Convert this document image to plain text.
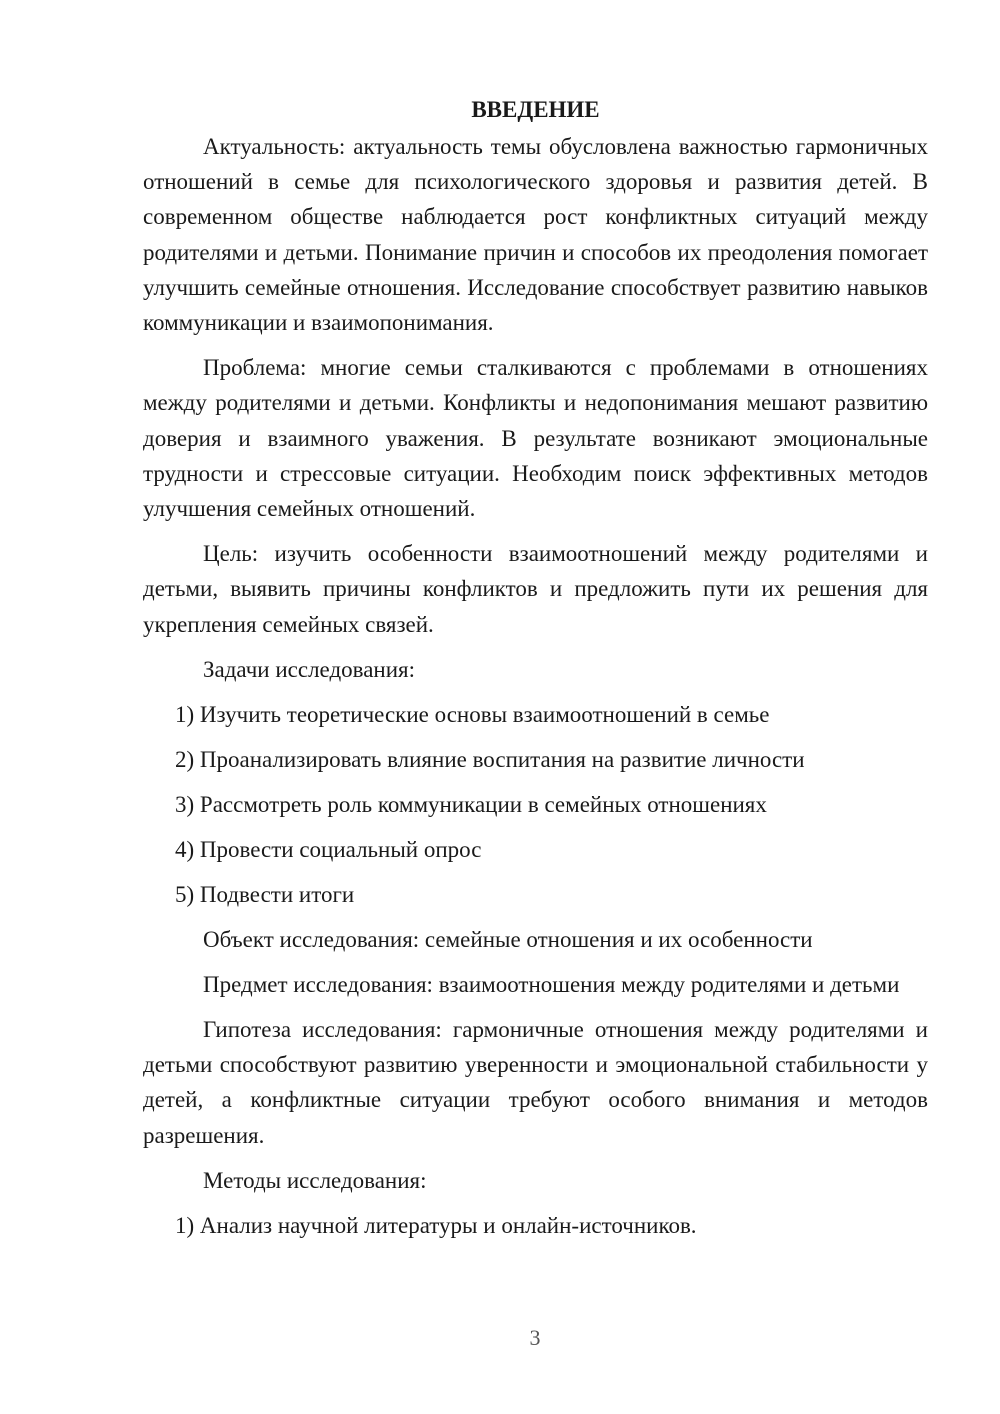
ВВЕДЕНИЕ

Актуальность: актуальность темы обусловлена важностью гармоничных отношений в семье для психологического здоровья и развития детей. В современном обществе наблюдается рост конфликтных ситуаций между родителями и детьми. Понимание причин и способов их преодоления помогает улучшить семейные отношения. Исследование способствует развитию навыков коммуникации и взаимопонимания.

Проблема: многие семьи сталкиваются с проблемами в отношениях между родителями и детьми. Конфликты и недопонимания мешают развитию доверия и взаимного уважения. В результате возникают эмоциональные трудности и стрессовые ситуации. Необходим поиск эффективных методов улучшения семейных отношений.

Цель: изучить особенности взаимоотношений между родителями и детьми, выявить причины конфликтов и предложить пути их решения для укрепления семейных связей.

Задачи исследования:

1) Изучить теоретические основы взаимоотношений в семье
2) Проанализировать влияние воспитания на развитие личности
3) Рассмотреть роль коммуникации в семейных отношениях
4) Провести социальный опрос
5) Подвести итоги

Объект исследования: семейные отношения и их особенности

Предмет исследования: взаимоотношения между родителями и детьми

Гипотеза исследования: гармоничные отношения между родителями и детьми способствуют развитию уверенности и эмоциональной стабильности у детей, а конфликтные ситуации требуют особого внимания и методов разрешения.

Методы исследования:

1) Анализ научной литературы и онлайн-источников.
3
